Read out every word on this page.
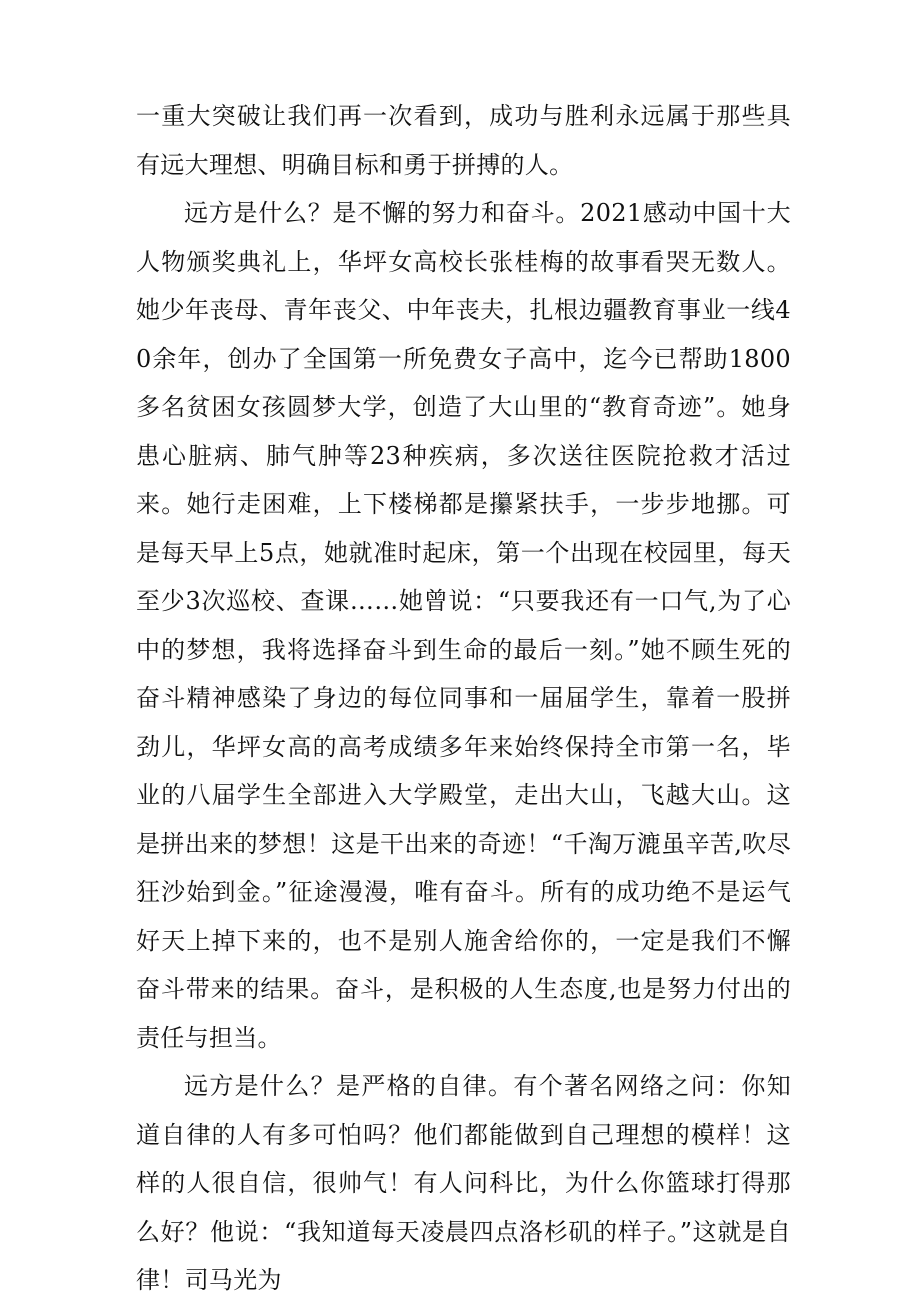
一重大突破让我们再一次看到，成功与胜利永远属于那些具有远大理想、明确目标和勇于拼搏的人。

远方是什么？是不懈的努力和奋斗。2021感动中国十大人物颁奖典礼上，华坪女高校长张桂梅的故事看哭无数人。她少年丧母、青年丧父、中年丧夫，扎根边疆教育事业一线40余年，创办了全国第一所免费女子高中，迄今已帮助1800多名贫困女孩圆梦大学，创造了大山里的“教育奇迹”。她身患心脏病、肺气肿等23种疾病，多次送往医院抢救才活过来。她行走困难，上下楼梯都是攥紧扶手，一步步地挪。可是每天早上5点，她就准时起床，第一个出现在校园里，每天至少3次巡校、查课……她曾说：“只要我还有一口气,为了心中的梦想，我将选择奋斗到生命的最后一刻。”她不顾生死的奋斗精神感染了身边的每位同事和一届届学生，靠着一股拼劲儿，华坪女高的高考成绩多年来始终保持全市第一名，毕业的八届学生全部进入大学殿堂，走出大山，飞越大山。这是拼出来的梦想！这是干出来的奇迹！“千淘万漉虽辛苦,吹尽狂沙始到金。”征途漫漫，唯有奋斗。所有的成功绝不是运气好天上掉下来的，也不是别人施舍给你的，一定是我们不懈奋斗带来的结果。奋斗，是积极的人生态度,也是努力付出的责任与担当。

远方是什么？是严格的自律。有个著名网络之问：你知道自律的人有多可怕吗？他们都能做到自己理想的模样！这样的人很自信，很帅气！有人问科比，为什么你篮球打得那么好？他说：“我知道每天凌晨四点洛杉矶的样子。”这就是自律！司马光为
